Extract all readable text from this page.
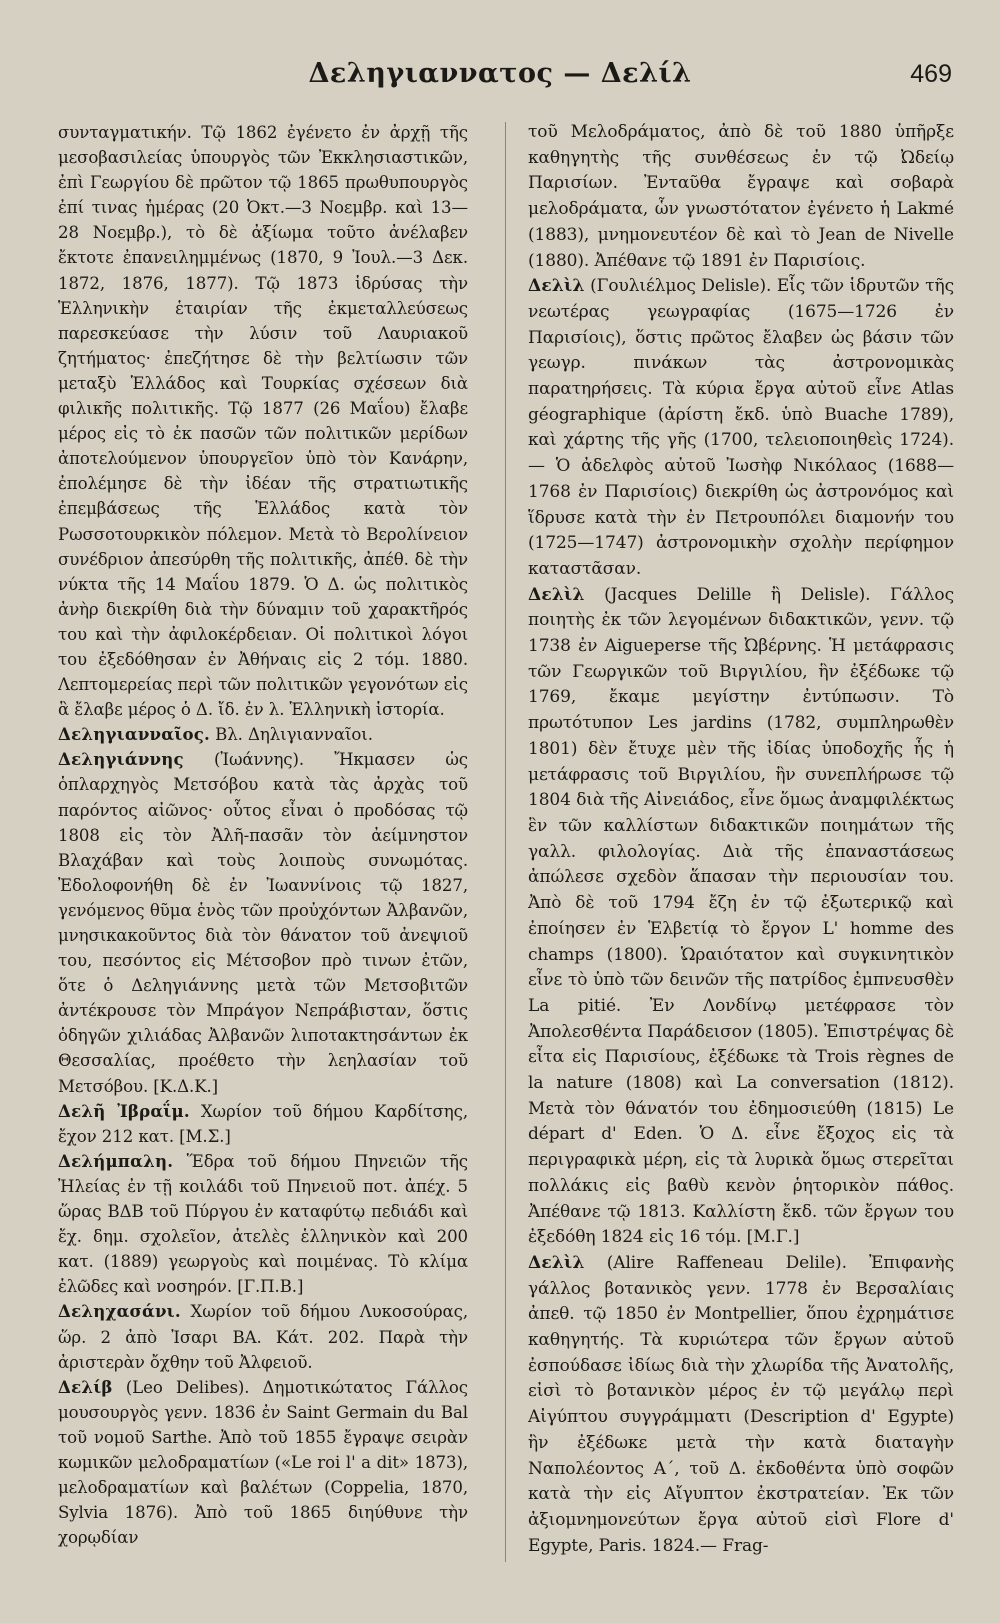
Δεληγιαννατος — Δελίλ	469

συνταγματικήν. Τῷ 1862 ἐγένετο ἐν ἀρχῇ τῆς μεσοβασιλείας ὑπουργὸς τῶν Ἐκκλησιαστικῶν, ἐπὶ Γεωργίου δὲ πρῶτον τῷ 1865 πρωθυπουργὸς ἐπί τινας ἡμέρας (20 Ὀκτ.—3 Νοεμβρ. καὶ 13—28 Νοεμβρ.), τὸ δὲ ἀξίωμα τοῦτο ἀνέλαβεν ἔκτοτε ἐπανειλημμένως (1870, 9 Ἰουλ.—3 Δεκ. 1872, 1876, 1877). Τῷ 1873 ἱδρύσας τὴν Ἑλληνικὴν ἑταιρίαν τῆς ἐκμεταλλεύσεως παρεσκεύασε τὴν λύσιν τοῦ Λαυριακοῦ ζητήματος· ἐπεζήτησε δὲ τὴν βελτίωσιν τῶν μεταξὺ Ἑλλάδος καὶ Τουρκίας σχέσεων διὰ φιλικῆς πολιτικῆς. Τῷ 1877 (26 Μαΐου) ἔλαβε μέρος εἰς τὸ ἐκ πασῶν τῶν πολιτικῶν μερίδων ἀποτελούμενον ὑπουργεῖον ὑπὸ τὸν Κανάρην, ἐπολέμησε δὲ τὴν ἰδέαν τῆς στρατιωτικῆς ἐπεμβάσεως τῆς Ἑλλάδος κατὰ τὸν Ρωσσοτουρκικὸν πόλεμον. Μετὰ τὸ Βερολίνειον συνέδριον ἀπεσύρθη τῆς πολιτικῆς, ἀπέθ. δὲ τὴν νύκτα τῆς 14 Μαΐου 1879. Ὁ Δ. ὡς πολιτικὸς ἀνὴρ διεκρίθη διὰ τὴν δύναμιν τοῦ χαρακτῆρός του καὶ τὴν ἀφιλοκέρδειαν. Οἱ πολιτικοὶ λόγοι του ἐξεδόθησαν ἐν Ἀθήναις εἰς 2 τόμ. 1880. Λεπτομερείας περὶ τῶν πολιτικῶν γεγονότων εἰς ἃ ἔλαβε μέρος ὁ Δ. ἴδ. ἐν λ. Ἑλληνικὴ ἱστορία.

Δεληγιανναῖος. Βλ. Δηλιγιανναῖοι.

Δεληγιάννης (Ἰωάννης). Ἤκμασεν ὡς ὁπλαρχηγὸς Μετσόβου κατὰ τὰς ἀρχὰς τοῦ παρόντος αἰῶνος· οὗτος εἶναι ὁ προδόσας τῷ 1808 εἰς τὸν Ἀλῆ-πασᾶν τὸν ἀείμνηστον Βλαχάβαν καὶ τοὺς λοιποὺς συνωμότας. Ἐδολοφονήθη δὲ ἐν Ἰωαννίνοις τῷ 1827, γενόμενος θῦμα ἑνὸς τῶν προὐχόντων Ἀλβανῶν, μνησικακοῦντος διὰ τὸν θάνατον τοῦ ἀνεψιοῦ του, πεσόντος εἰς Μέτσοβον πρὸ τινων ἐτῶν, ὅτε ὁ Δεληγιάννης μετὰ τῶν Μετσοβιτῶν ἀντέκρουσε τὸν Μπράγον Νεπράβισταν, ὅστις ὁδηγῶν χιλιάδας Ἀλβανῶν λιποτακτησάντων ἐκ Θεσσαλίας, προέθετο τὴν λεηλασίαν τοῦ Μετσόβου. [Κ.Δ.Κ.]

Δελῆ Ἰβραΐμ. Χωρίον τοῦ δήμου Καρδίτσης, ἔχον 212 κατ. [Μ.Σ.]

Δελήμπαλη. Ἕδρα τοῦ δήμου Πηνειῶν τῆς Ἠλείας ἐν τῇ κοιλάδι τοῦ Πηνειοῦ ποτ. ἀπέχ. 5 ὥρας ΒΔΒ τοῦ Πύργου ἐν καταφύτῳ πεδιάδι καὶ ἔχ. δημ. σχολεῖον, ἀτελὲς ἑλληνικὸν καὶ 200 κατ. (1889) γεωργοὺς καὶ ποιμένας. Τὸ κλίμα ἑλῶδες καὶ νοσηρόν. [Γ.Π.Β.]

Δεληχασάνι. Χωρίον τοῦ δήμου Λυκοσούρας, ὥρ. 2 ἀπὸ Ἰσαρι ΒΑ. Κάτ. 202. Παρὰ τὴν ἀριστερὰν ὄχθην τοῦ Ἀλφειοῦ.

Δελίβ (Leo Delibes). Δημοτικώτατος Γάλλος μουσουργὸς γενν. 1836 ἐν Saint Germain du Bal τοῦ νομοῦ Sarthe. Ἀπὸ τοῦ 1855 ἔγραψε σειρὰν κωμικῶν μελοδραματίων («Le roi l' a dit» 1873), μελοδραματίων καὶ βαλέτων (Coppelia, 1870, Sylvia 1876). Ἀπὸ τοῦ 1865 διηύθυνε τὴν χορῳδίαν

τοῦ Μελοδράματος, ἀπὸ δὲ τοῦ 1880 ὑπῆρξε καθηγητὴς τῆς συνθέσεως ἐν τῷ Ὠδείῳ Παρισίων. Ἐνταῦθα ἔγραψε καὶ σοβαρὰ μελοδράματα, ὧν γνωστότατον ἐγένετο ἡ Lakmé (1883), μνημονευτέον δὲ καὶ τὸ Jean de Nivelle (1880). Ἀπέθανε τῷ 1891 ἐν Παρισίοις.

Δελὶλ (Γουλιέλμος Delisle). Εἷς τῶν ἱδρυτῶν τῆς νεωτέρας γεωγραφίας (1675—1726 ἐν Παρισίοις), ὅστις πρῶτος ἔλαβεν ὡς βάσιν τῶν γεωγρ. πινάκων τὰς ἀστρονομικὰς παρατηρήσεις. Τὰ κύρια ἔργα αὐτοῦ εἶνε Atlas géographique (ἀρίστη ἔκδ. ὑπὸ Buache 1789), καὶ χάρτης τῆς γῆς (1700, τελειοποιηθεὶς 1724). — Ὁ ἀδελφὸς αὐτοῦ Ἰωσὴφ Νικόλαος (1688—1768 ἐν Παρισίοις) διεκρίθη ὡς ἀστρονόμος καὶ ἵδρυσε κατὰ τὴν ἐν Πετρουπόλει διαμονήν του (1725—1747) ἀστρονομικὴν σχολὴν περίφημον καταστᾶσαν.

Δελὶλ (Jacques Delille ἢ Delisle). Γάλλος ποιητὴς ἐκ τῶν λεγομένων διδακτικῶν, γενν. τῷ 1738 ἐν Aigueperse τῆς Ὠβέρνης. Ἡ μετάφρασις τῶν Γεωργικῶν τοῦ Βιργιλίου, ἣν ἐξέδωκε τῷ 1769, ἔκαμε μεγίστην ἐντύπωσιν. Τὸ πρωτότυπον Les jardins (1782, συμπληρωθὲν 1801) δὲν ἔτυχε μὲν τῆς ἰδίας ὑποδοχῆς ἧς ἡ μετάφρασις τοῦ Βιργιλίου, ἣν συνεπλήρωσε τῷ 1804 διὰ τῆς Αἰνειάδος, εἶνε ὅμως ἀναμφιλέκτως ἓν τῶν καλλίστων διδακτικῶν ποιημάτων τῆς γαλλ. φιλολογίας. Διὰ τῆς ἐπαναστάσεως ἀπώλεσε σχεδὸν ἅπασαν τὴν περιουσίαν του. Ἀπὸ δὲ τοῦ 1794 ἔζη ἐν τῷ ἐξωτερικῷ καὶ ἐποίησεν ἐν Ἑλβετίᾳ τὸ ἔργον L' homme des champs (1800). Ὡραιότατον καὶ συγκινητικὸν εἶνε τὸ ὑπὸ τῶν δεινῶν τῆς πατρίδος ἐμπνευσθὲν La pitié. Ἐν Λονδίνῳ μετέφρασε τὸν Ἀπολεσθέντα Παράδεισον (1805). Ἐπιστρέψας δὲ εἶτα εἰς Παρισίους, ἐξέδωκε τὰ Trois règnes de la nature (1808) καὶ La conversation (1812). Μετὰ τὸν θάνατόν του ἐδημοσιεύθη (1815) Le départ d' Eden. Ὁ Δ. εἶνε ἔξοχος εἰς τὰ περιγραφικὰ μέρη, εἰς τὰ λυρικὰ ὅμως στερεῖται πολλάκις εἰς βαθὺ κενὸν ῥητορικὸν πάθος. Ἀπέθανε τῷ 1813. Καλλίστη ἔκδ. τῶν ἔργων του ἐξεδόθη 1824 εἰς 16 τόμ. [Μ.Γ.]

Δελὶλ (Alire Raffeneau Delile). Ἐπιφανὴς γάλλος βοτανικὸς γενν. 1778 ἐν Βερσαλίαις ἀπεθ. τῷ 1850 ἐν Montpellier, ὅπου ἐχρημάτισε καθηγητής. Τὰ κυριώτερα τῶν ἔργων αὐτοῦ ἐσπούδασε ἰδίως διὰ τὴν χλωρίδα τῆς Ἀνατολῆς, εἰσὶ τὸ βοτανικὸν μέρος ἐν τῷ μεγάλῳ περὶ Αἰγύπτου συγγράμματι (Description d' Egypte) ἣν ἐξέδωκε μετὰ τὴν κατὰ διαταγὴν Ναπολέοντος Α΄, τοῦ Δ. ἐκδοθέντα ὑπὸ σοφῶν κατὰ τὴν εἰς Αἴγυπτον ἐκστρατείαν. Ἐκ τῶν ἀξιομνημονεύτων ἔργα αὐτοῦ εἰσὶ Flore d' Egypte, Paris. 1824.— Frag-
